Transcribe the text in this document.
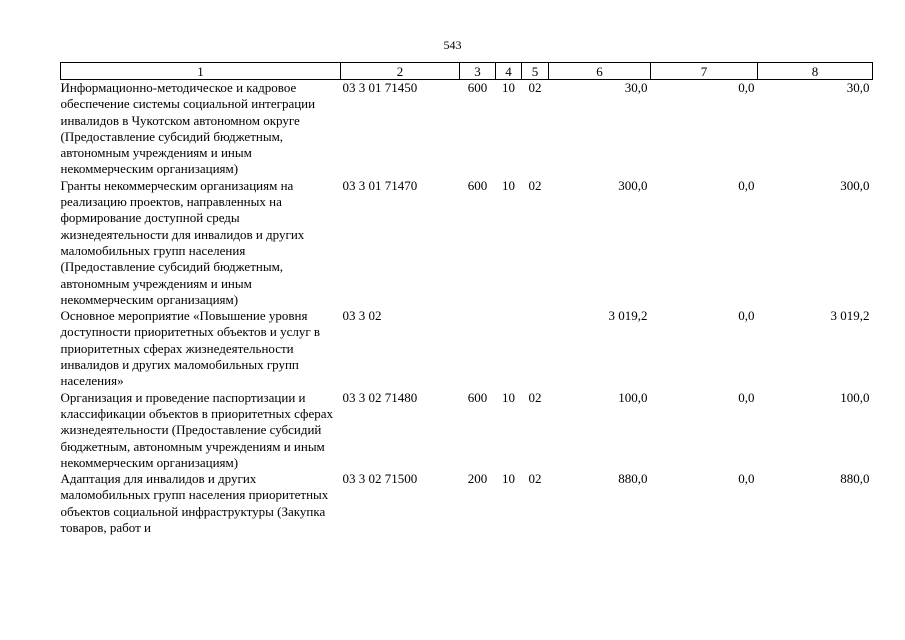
543
1	2	3	4	5	6	7	8
Информационно-методическое и кадровое обеспечение системы социальной интеграции инвалидов в Чукотском автономном округе (Предоставление субсидий бюджетным, автономным учреждениям и иным некоммерческим организациям)	03 3 01 71450	600	10	02	30,0	0,0	30,0
Гранты некоммерческим организациям на реализацию проектов, направленных на формирование доступной среды жизнедеятельности для инвалидов и других маломобильных групп населения (Предоставление субсидий бюджетным, автономным учреждениям и иным некоммерческим организациям)	03 3 01 71470	600	10	02	300,0	0,0	300,0
Основное мероприятие «Повышение уровня доступности приоритетных объектов и услуг в приоритетных сферах жизнедеятельности инвалидов и других маломобильных групп населения»	03 3 02				3 019,2	0,0	3 019,2
Организация и проведение паспортизации и классификации объектов в приоритетных сферах жизнедеятельности (Предоставление субсидий бюджетным, автономным учреждениям и иным некоммерческим организациям)	03 3 02 71480	600	10	02	100,0	0,0	100,0
Адаптация для инвалидов и других маломобильных групп населения приоритетных объектов социальной инфраструктуры (Закупка товаров, работ и	03 3 02 71500	200	10	02	880,0	0,0	880,0
